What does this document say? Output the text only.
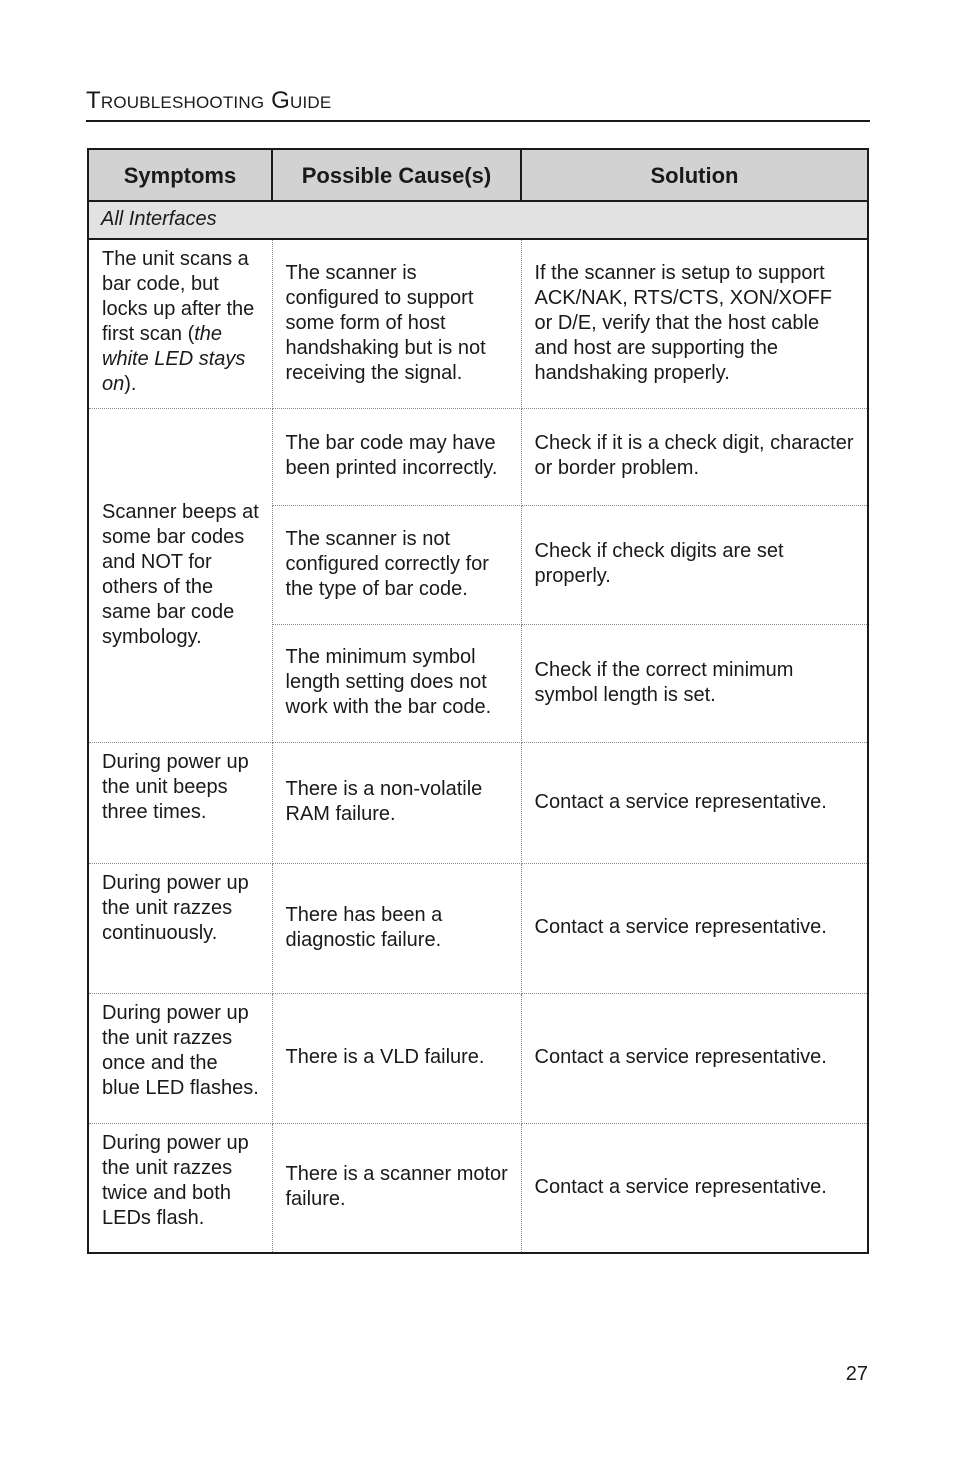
Troubleshooting Guide
Symptoms	Possible Cause(s)	Solution
All Interfaces		
The unit scans a bar code, but locks up after the first scan (the white LED stays on).	The scanner is configured to support some form of host handshaking but is not receiving the signal.	If the scanner is setup to support ACK/NAK, RTS/CTS, XON/XOFF or D/E, verify that the host cable and host are supporting the handshaking properly.
Scanner beeps at some bar codes and NOT for others of the same bar code symbology.	The bar code may have been printed incorrectly.	Check if it is a check digit, character or border problem.
	The scanner is not configured correctly for the type of bar code.	Check if check digits are set properly.
	The minimum symbol length setting does not work with the bar code.	Check if the correct minimum symbol length is set.
During power up the unit beeps three times.	There is a non-volatile RAM failure.	Contact a service representative.
During power up the unit razzes continuously.	There has been a diagnostic failure.	Contact a service representative.
During power up the unit razzes once and the blue LED flashes.	There is a VLD failure.	Contact a service representative.
During power up the unit razzes twice and both LEDs flash.	There is a scanner motor failure.	Contact a service representative.
27
